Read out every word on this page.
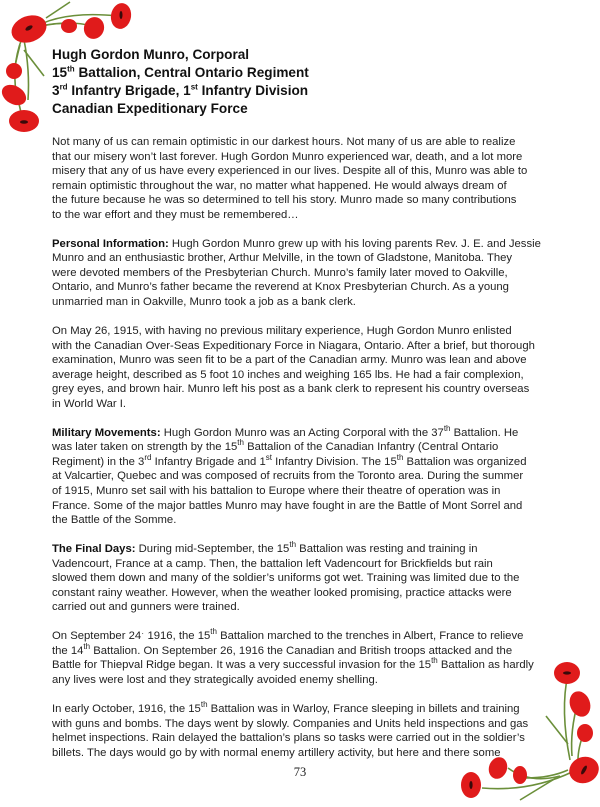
Hugh Gordon Munro, Corporal
15th Battalion, Central Ontario Regiment
3rd Infantry Brigade, 1st Infantry Division
Canadian Expeditionary Force
Not many of us can remain optimistic in our darkest hours. Not many of us are able to realize
that our misery won’t last forever. Hugh Gordon Munro experienced war, death, and a lot more
misery that any of us have every experienced in our lives. Despite all of this, Munro was able to
remain optimistic throughout the war, no matter what happened. He would always dream of
the future because he was so determined to tell his story. Munro made so many contributions
to the war effort and they must be remembered…
Personal Information: Hugh Gordon Munro grew up with his loving parents Rev. J. E. and Jessie
Munro and an enthusiastic brother, Arthur Melville, in the town of Gladstone, Manitoba. They
were devoted members of the Presbyterian Church. Munro’s family later moved to Oakville,
Ontario, and Munro’s father became the reverend at Knox Presbyterian Church. As a young
unmarried man in Oakville, Munro took a job as a bank clerk.
On May 26, 1915, with having no previous military experience, Hugh Gordon Munro enlisted
with the Canadian Over-Seas Expeditionary Force in Niagara, Ontario. After a brief, but thorough
examination, Munro was seen fit to be a part of the Canadian army. Munro was lean and above
average height, described as 5 foot 10 inches and weighing 165 lbs. He had a fair complexion,
grey eyes, and brown hair. Munro left his post as a bank clerk to represent his country overseas
in World War I.
Military Movements: Hugh Gordon Munro was an Acting Corporal with the 37th Battalion. He
was later taken on strength by the 15th Battalion of the Canadian Infantry (Central Ontario
Regiment) in the 3rd Infantry Brigade and 1st Infantry Division. The 15th Battalion was organized
at Valcartier, Quebec and was composed of recruits from the Toronto area. During the summer
of 1915, Munro set sail with his battalion to Europe where their theatre of operation was in
France. Some of the major battles Munro may have fought in are the Battle of Mont Sorrel and
the Battle of the Somme.
The Final Days: During mid-September, the 15th Battalion was resting and training in
Vadencourt, France at a camp. Then, the battalion left Vadencourt for Brickfields but rain
slowed them down and many of the soldier’s uniforms got wet. Training was limited due to the
constant rainy weather. However, when the weather looked promising, practice attacks were
carried out and gunners were trained.
On September 24ˑ 1916, the 15th Battalion marched to the trenches in Albert, France to relieve
the 14th Battalion. On September 26, 1916 the Canadian and British troops attacked and the
Battle for Thiepval Ridge began. It was a very successful invasion for the 15th Battalion as hardly
any lives were lost and they strategically avoided enemy shelling.
In early October, 1916, the 15th Battalion was in Warloy, France sleeping in billets and training
with guns and bombs. The days went by slowly. Companies and Units held inspections and gas
helmet inspections. Rain delayed the battalion’s plans so tasks were carried out in the soldier’s
billets. The days would go by with normal enemy artillery activity, but here and there some
73
